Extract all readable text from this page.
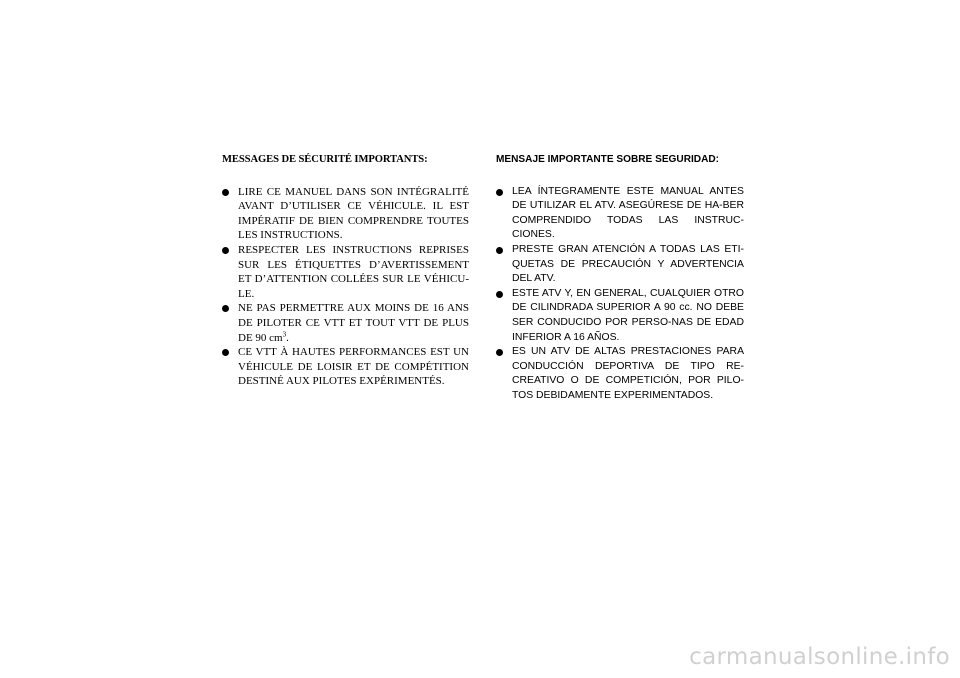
MESSAGES DE SÉCURITÉ IMPORTANTS:
LIRE CE MANUEL DANS SON INTÉGRALITÉ AVANT D’UTILISER CE VÉHICULE. IL EST IMPÉRATIF DE BIEN COMPRENDRE TOUTES LES INSTRUCTIONS.
RESPECTER LES INSTRUCTIONS REPRISES SUR LES ÉTIQUETTES D’AVERTISSEMENT ET D’ATTENTION COLLÉES SUR LE VÉHICU-LE.
NE PAS PERMETTRE AUX MOINS DE 16 ANS DE PILOTER CE VTT ET TOUT VTT DE PLUS DE 90 $cm^3$.
CE VTT À HAUTES PERFORMANCES EST UN VÉHICULE DE LOISIR ET DE COMPÉTITION DESTINÉ AUX PILOTES EXPÉRIMENTÉS.
MENSAJE IMPORTANTE SOBRE SEGURIDAD:
LEA ÍNTEGRAMENTE ESTE MANUAL ANTES DE UTILIZAR EL ATV. ASEGÚRESE DE HA-BER COMPRENDIDO TODAS LAS INSTRUC-CIONES.
PRESTE GRAN ATENCIÓN A TODAS LAS ETI-QUETAS DE PRECAUCIÓN Y ADVERTENCIA DEL ATV.
ESTE ATV Y, EN GENERAL, CUALQUIER OTRO DE CILINDRADA SUPERIOR A 90 cc. NO DEBE SER CONDUCIDO POR PERSO-NAS DE EDAD INFERIOR A 16 AÑOS.
ES UN ATV DE ALTAS PRESTACIONES PARA CONDUCCIÓN DEPORTIVA DE TIPO RE-CREATIVO O DE COMPETICIÓN, POR PILO-TOS DEBIDAMENTE EXPERIMENTADOS.
carmanualsonline.info
